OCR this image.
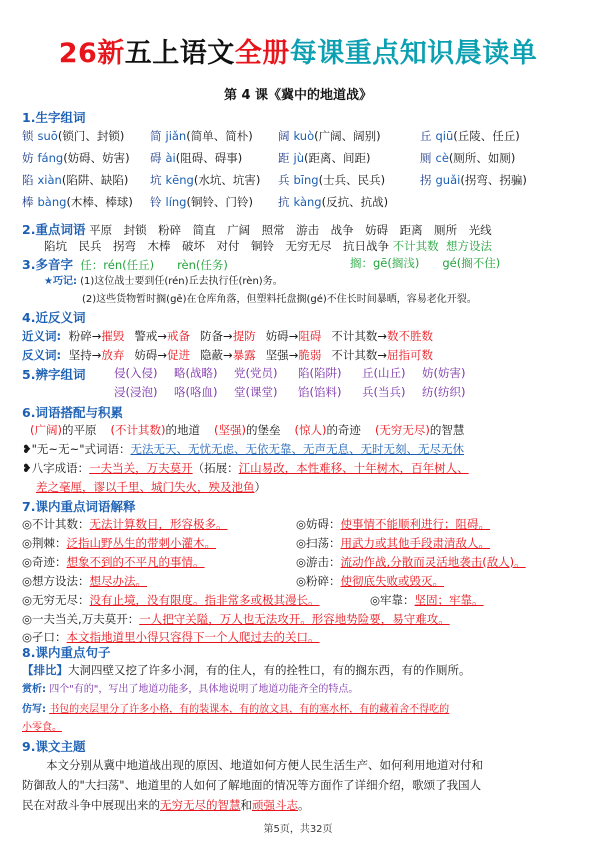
26新五上语文全册每课重点知识晨读单
第 4 课《冀中的地道战》
1.生字组词
锁 suō(锁门、封锁) 简 jiǎn(简单、简朴) 阔 kuò(广阔、阔别)	丘 qiū(丘陵、任丘)
妨 fáng(妨碍、妨害) 碍 ài(阻碍、碍事)	距 jù(距离、间距)	厕 cè(厕所、如厕)
陷 xiàn(陷阱、缺陷) 坑 kēng(水坑、坑害) 兵 bīng(士兵、民兵)	拐 guǎi(拐弯、拐骗)
棒 bàng(木棒、棒球) 铃 líng(铜铃、门铃) 抗 kàng(反抗、抗战)
2.重点词语 平原　封锁　粉碎　简直　广阔　照常　游击　战争　妨碍　距离　厕所　光线
陷坑　民兵　拐弯　木棒　破坏　对付　铜铃　无穷无尽　抗日战争 不计其数 想方设法
3.多音字 任：rén(任丘)　　rèn(任务)	搁：gē(搁浅)　　gé(搁不住)
★巧记: (1)这位战士要到任(rén)丘去执行任(rèn)务。
(2)这些货物暂时搁(gē)在仓库角落，但塑料托盘搁(gé)不住长时间暴晒，容易老化开裂。
4.近反义词
近义词: 粉碎→摧毁 警戒→戒备 防备→提防 妨碍→阻碍 不计其数→数不胜数
反义词: 坚持→放弃 妨碍→促进 隐蔽→暴露 坚强→脆弱 不计其数→屈指可数
5.辨字组词 侵(入侵) 略(战略) 党(党员) 陷(陷阱) 丘(山丘) 妨(妨害)
浸(浸泡) 咯(咯血) 堂(课堂) 馅(馅料) 兵(当兵) 纺(纺织)
6.词语搭配与积累
(广阔)的平原 (不计其数)的地道 (坚强)的堡垒 (惊人)的奇迹 (无穷无尽)的智慧
❥"无~无~"式词语：无法无天、无忧无虑、无依无靠、无声无息、无时无刻、无尽无休
❥八字成语：一夫当关，万夫莫开（拓展：江山易改，本性难移、十年树木，百年树人、
差之毫厘，谬以千里、城门失火，殃及池鱼）
7.课内重点词语解释
◎不计其数：无法计算数目，形容极多。	◎妨碍：使事情不能顺利进行；阻碍。
◎荆棘：泛指山野丛生的带刺小灌木。	◎扫荡：用武力或其他手段肃清敌人。
◎奇迹：想象不到的不平凡的事情。	◎游击：流动作战,分散而灵活地袭击(敌人)。
◎想方设法：想尽办法。	◎粉碎：使彻底失败或毁灭。
◎无穷无尽：没有止境，没有限度。指非常多或极其漫长。	◎牢靠：坚固；牢靠。
◎一夫当关,万夫莫开：一人把守关隘，万人也无法攻开。形容地势险要，易守难攻。
◎孑口：本文指地道里小得只容得下一个人爬过去的关口。
8.课内重点句子
【排比】大洞四壁又挖了许多小洞，有的住人，有的拴牲口，有的搁东西，有的作厕所。
赏析: 四个"有的"，写出了地道功能多，具体地说明了地道功能齐全的特点。
仿写: 书包的夹层里分了许多小格，有的装课本，有的放文具，有的塞水杯，有的藏着舍不得吃的
小零食。
9.课文主题
本文分别从冀中地道战出现的原因、地道如何方便人民生活生产、如何利用地道对付和
防御敌人的"大扫荡"、地道里的人如何了解地面的情况等方面作了详细介绍，歌颂了我国人
民在对敌斗争中展现出来的无穷无尽的智慧和顽强斗志。
第5页，共32页
